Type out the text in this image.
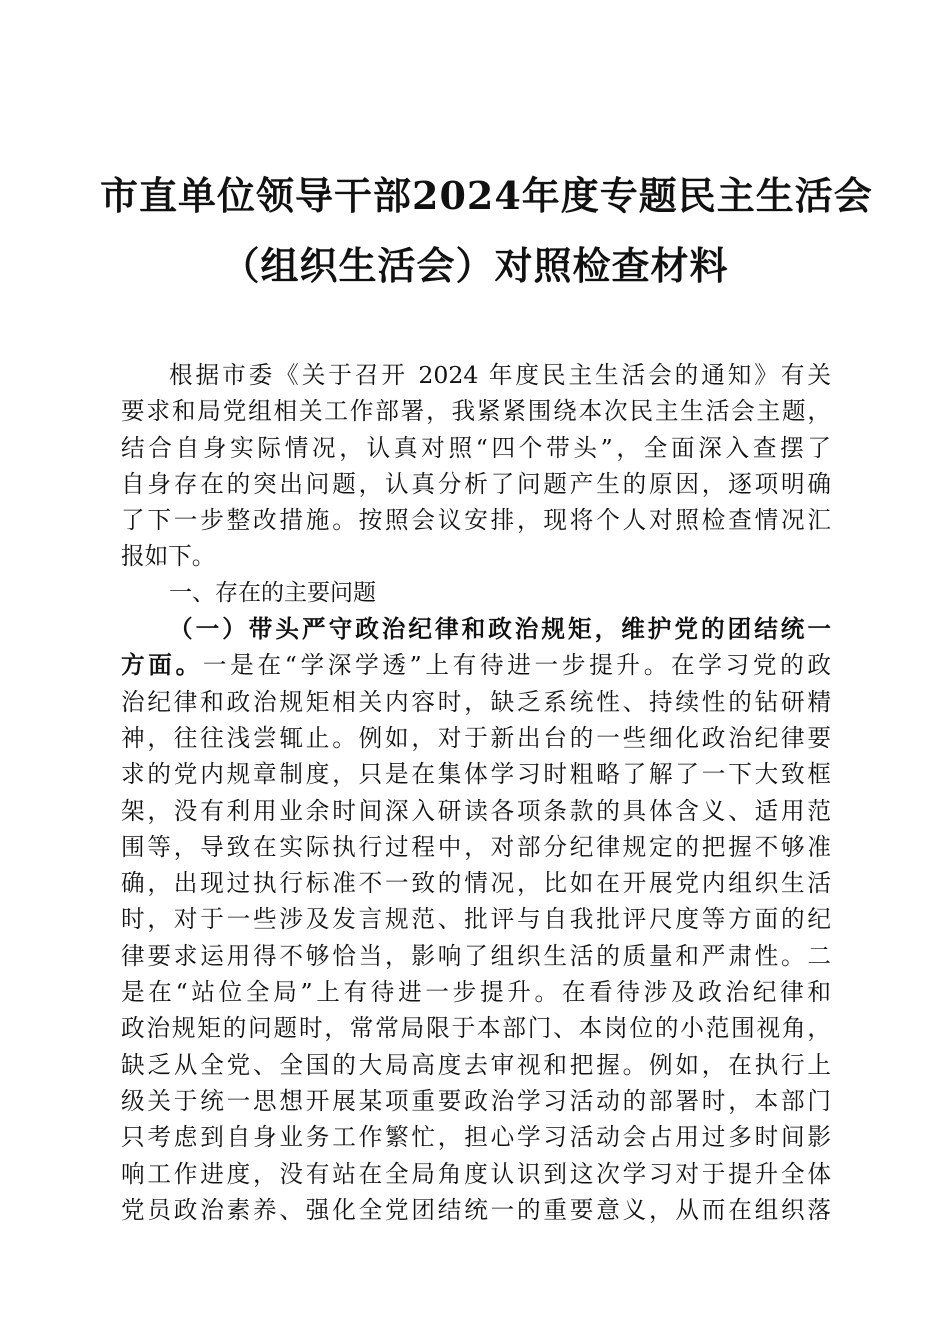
市直单位领导干部2024年度专题民主生活会
（组织生活会）对照检查材料
根据市委《关于召开 2024 年度民主生活会的通知》有关
要求和局党组相关工作部署，我紧紧围绕本次民主生活会主题，
结合自身实际情况，认真对照“四个带头”，全面深入查摆了
自身存在的突出问题，认真分析了问题产生的原因，逐项明确
了下一步整改措施。按照会议安排，现将个人对照检查情况汇
报如下。
一、存在的主要问题
（一）带头严守政治纪律和政治规矩，维护党的团结统一
方面。一是在“学深学透”上有待进一步提升。在学习党的政
治纪律和政治规矩相关内容时，缺乏系统性、持续性的钻研精
神，往往浅尝辄止。例如，对于新出台的一些细化政治纪律要
求的党内规章制度，只是在集体学习时粗略了解了一下大致框
架，没有利用业余时间深入研读各项条款的具体含义、适用范
围等，导致在实际执行过程中，对部分纪律规定的把握不够准
确，出现过执行标准不一致的情况，比如在开展党内组织生活
时，对于一些涉及发言规范、批评与自我批评尺度等方面的纪
律要求运用得不够恰当，影响了组织生活的质量和严肃性。二
是在“站位全局”上有待进一步提升。在看待涉及政治纪律和
政治规矩的问题时，常常局限于本部门、本岗位的小范围视角，
缺乏从全党、全国的大局高度去审视和把握。例如，在执行上
级关于统一思想开展某项重要政治学习活动的部署时，本部门
只考虑到自身业务工作繁忙，担心学习活动会占用过多时间影
响工作进度，没有站在全局角度认识到这次学习对于提升全体
党员政治素养、强化全党团结统一的重要意义，从而在组织落
